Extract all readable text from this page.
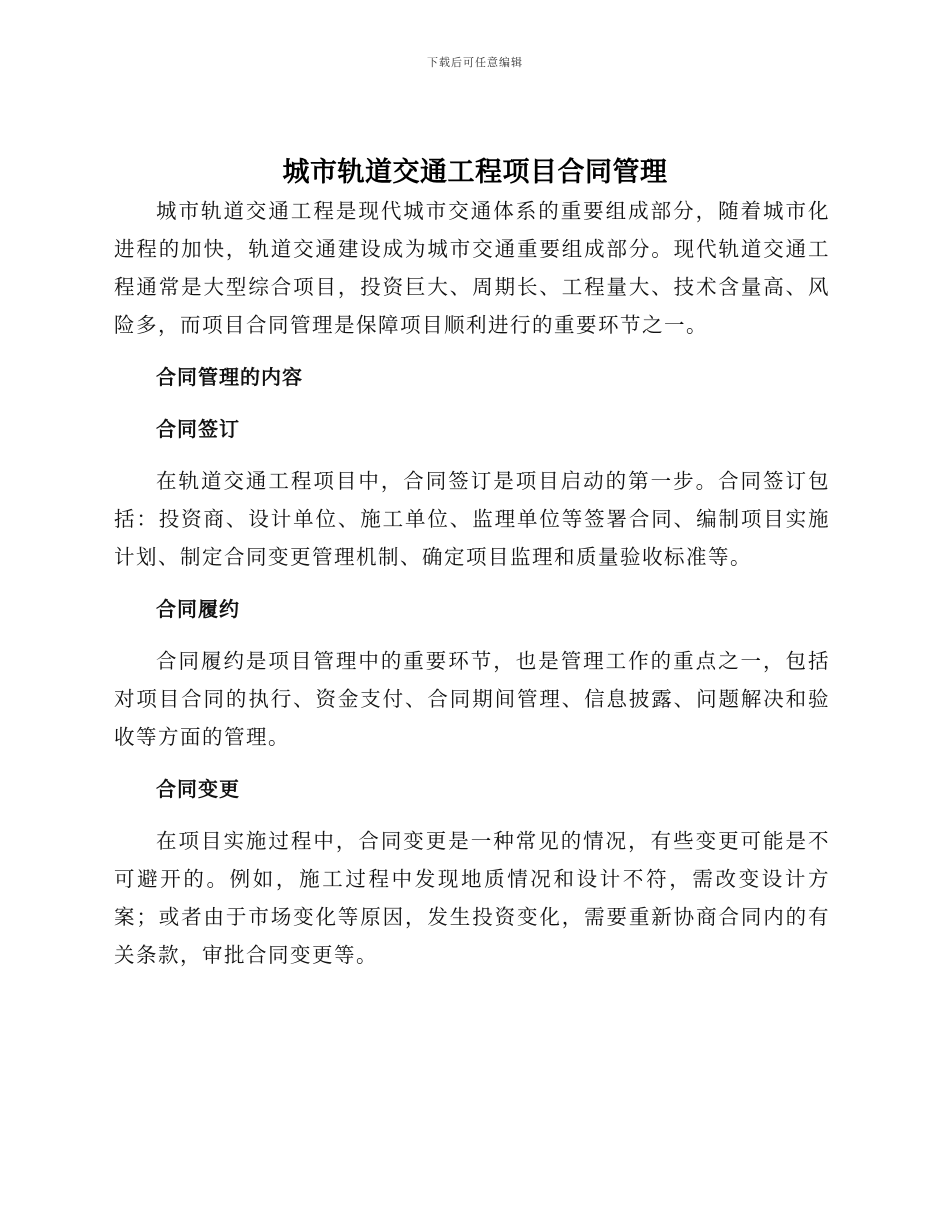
下载后可任意编辑
城市轨道交通工程项目合同管理

城市轨道交通工程是现代城市交通体系的重要组成部分，随着城市化进程的加快，轨道交通建设成为城市交通重要组成部分。现代轨道交通工程通常是大型综合项目，投资巨大、周期长、工程量大、技术含量高、风险多，而项目合同管理是保障项目顺利进行的重要环节之一。

合同管理的内容

合同签订

在轨道交通工程项目中，合同签订是项目启动的第一步。合同签订包括：投资商、设计单位、施工单位、监理单位等签署合同、编制项目实施计划、制定合同变更管理机制、确定项目监理和质量验收标准等。

合同履约

合同履约是项目管理中的重要环节，也是管理工作的重点之一，包括对项目合同的执行、资金支付、合同期间管理、信息披露、问题解决和验收等方面的管理。

合同变更

在项目实施过程中，合同变更是一种常见的情况，有些变更可能是不可避开的。例如，施工过程中发现地质情况和设计不符，需改变设计方案；或者由于市场变化等原因，发生投资变化，需要重新协商合同内的有关条款，审批合同变更等。
